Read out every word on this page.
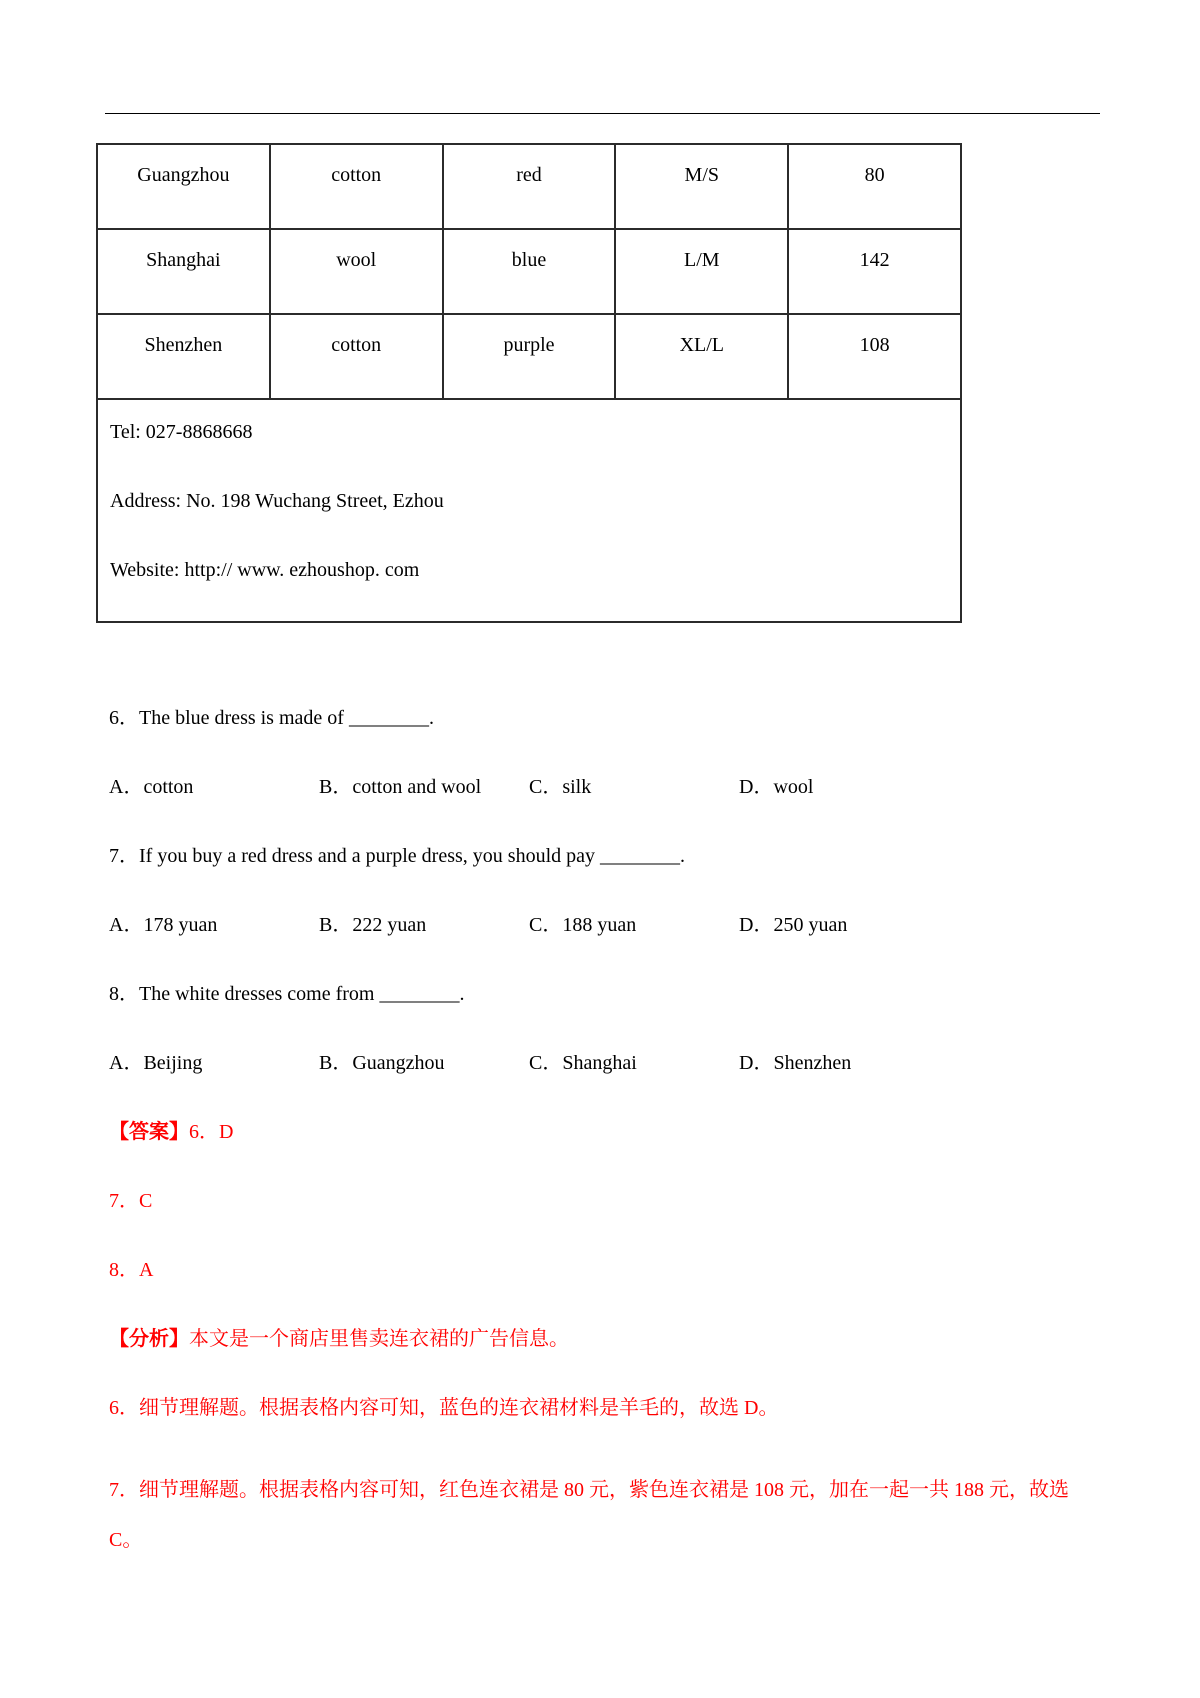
Guangzhou	cotton	red	M/S	80
Shanghai	wool	blue	L/M	142
Shenzhen	cotton	purple	XL/L	108

Tel: 027-8868668
Address: No. 198 Wuchang Street, Ezhou
Website: http:// www. ezhoushop. com				
6．The blue dress is made of ________.
A．cotton	B．cotton and wool C．silk	D．wool
7．If you buy a red dress and a purple dress, you should pay ________.
A．178 yuan	B．222 yuan	C．188 yuan	D．250 yuan
8．The white dresses come from ________.
A．Beijing	B．Guangzhou	C．Shanghai	D．Shenzhen
【答案】6．D
7．C
8．A
【分析】本文是一个商店里售卖连衣裙的广告信息。
6．细节理解题。根据表格内容可知，蓝色的连衣裙材料是羊毛的，故选 D。
7．细节理解题。根据表格内容可知，红色连衣裙是 80 元，紫色连衣裙是 108 元，加在一起一共 188 元，故选 C。
